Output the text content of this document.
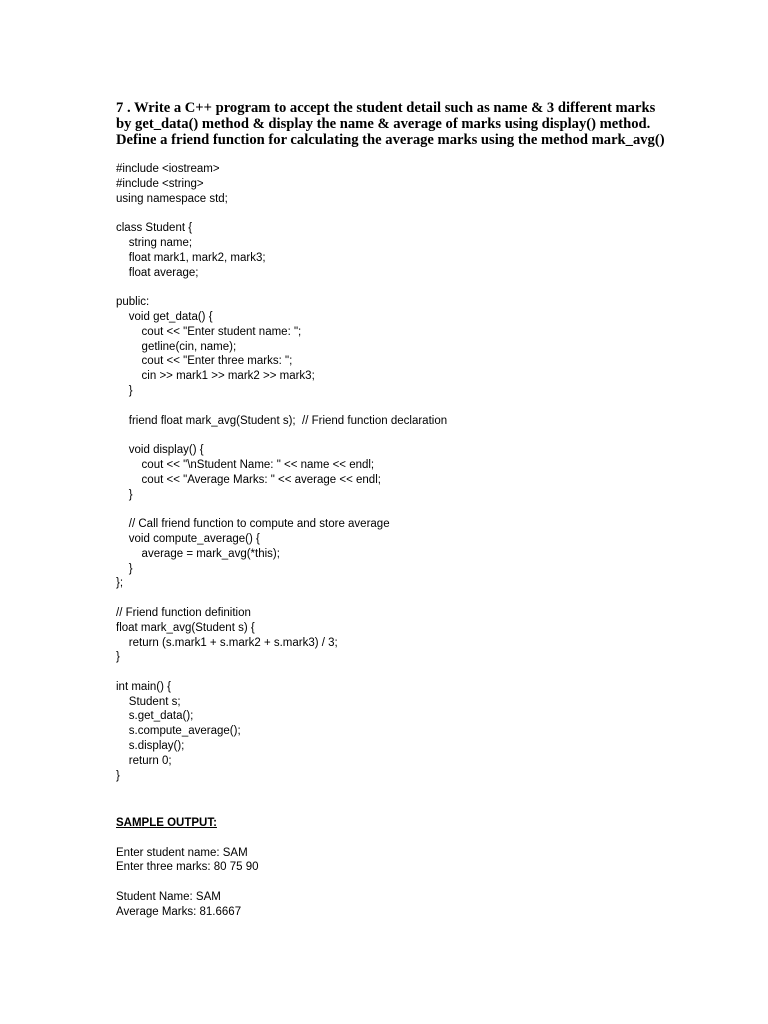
7 . Write a C++ program to accept the student detail such as name & 3 different marks
by get_data() method & display the name & average of marks using display() method.
Define a friend function for calculating the average marks using the method mark_avg()
#include <iostream>
#include <string>
using namespace std;
class Student {
string name;
float mark1, mark2, mark3;
float average;
public:
void get_data() {
cout << "Enter student name: ";
getline(cin, name);
cout << "Enter three marks: ";
cin >> mark1 >> mark2 >> mark3;
}
friend float mark_avg(Student s);  // Friend function declaration
void display() {
cout << "\nStudent Name: " << name << endl;
cout << "Average Marks: " << average << endl;
}
// Call friend function to compute and store average
void compute_average() {
average = mark_avg(*this);
}
};
// Friend function definition
float mark_avg(Student s) {
return (s.mark1 + s.mark2 + s.mark3) / 3;
}
int main() {
Student s;
s.get_data();
s.compute_average();
s.display();
return 0;
}
SAMPLE OUTPUT:
Enter student name: SAM
Enter three marks: 80 75 90
Student Name: SAM
Average Marks: 81.6667
